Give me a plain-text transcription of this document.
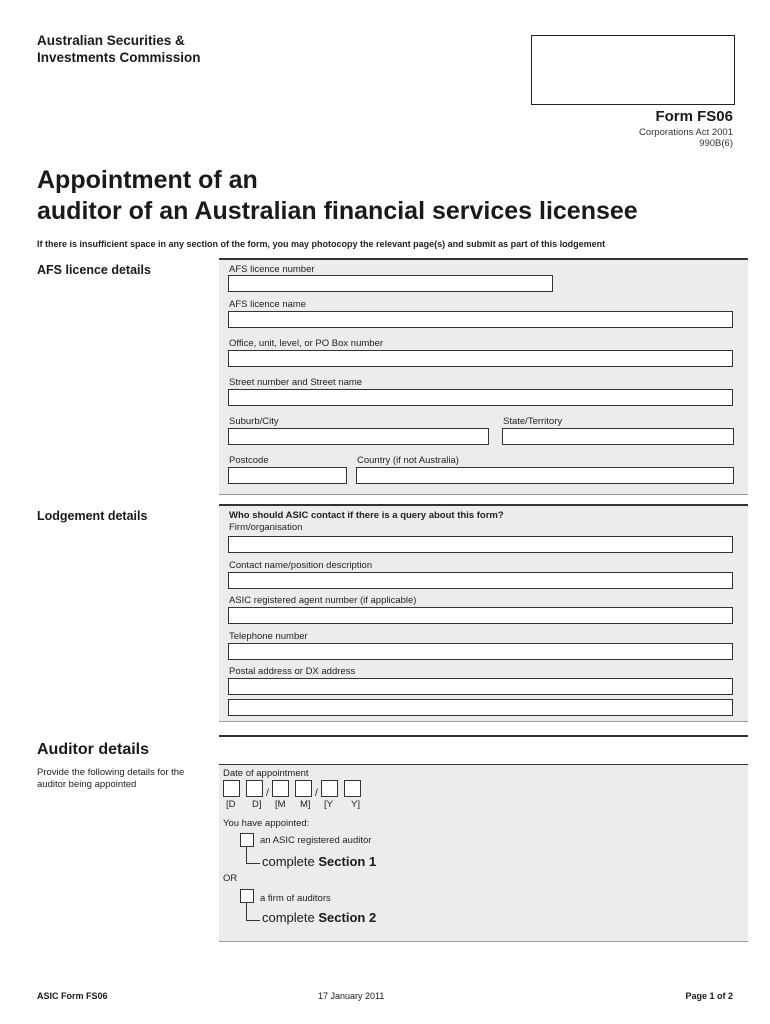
Australian Securities &
Investments Commission
Form FS06
Corporations Act 2001
990B(6)
Appointment of an
auditor of an Australian financial services licensee
If there is insufficient space in any section of the form, you may photocopy the relevant page(s) and submit as part of this lodgement
AFS licence details	AFS licence number
AFS licence name
Office, unit, level, or PO Box number
Street number and Street name
Suburb/City	State/Territory
Postcode	Country (if not Australia)
Lodgement details	Who should ASIC contact if there is a query about this form?
Firm/organisation
Contact name/position description
ASIC registered agent number (if applicable)
Telephone number
Postal address or DX address
Auditor details
Provide the following details for the
auditor being appointed
Date of appointment
/	/
[D D] [M M] [Y Y]
You have appointed:
an ASIC registered auditor
complete Section 1
OR
a firm of auditors
complete Section 2
ASIC Form FS06	17 January 2011	Page 1 of 2
